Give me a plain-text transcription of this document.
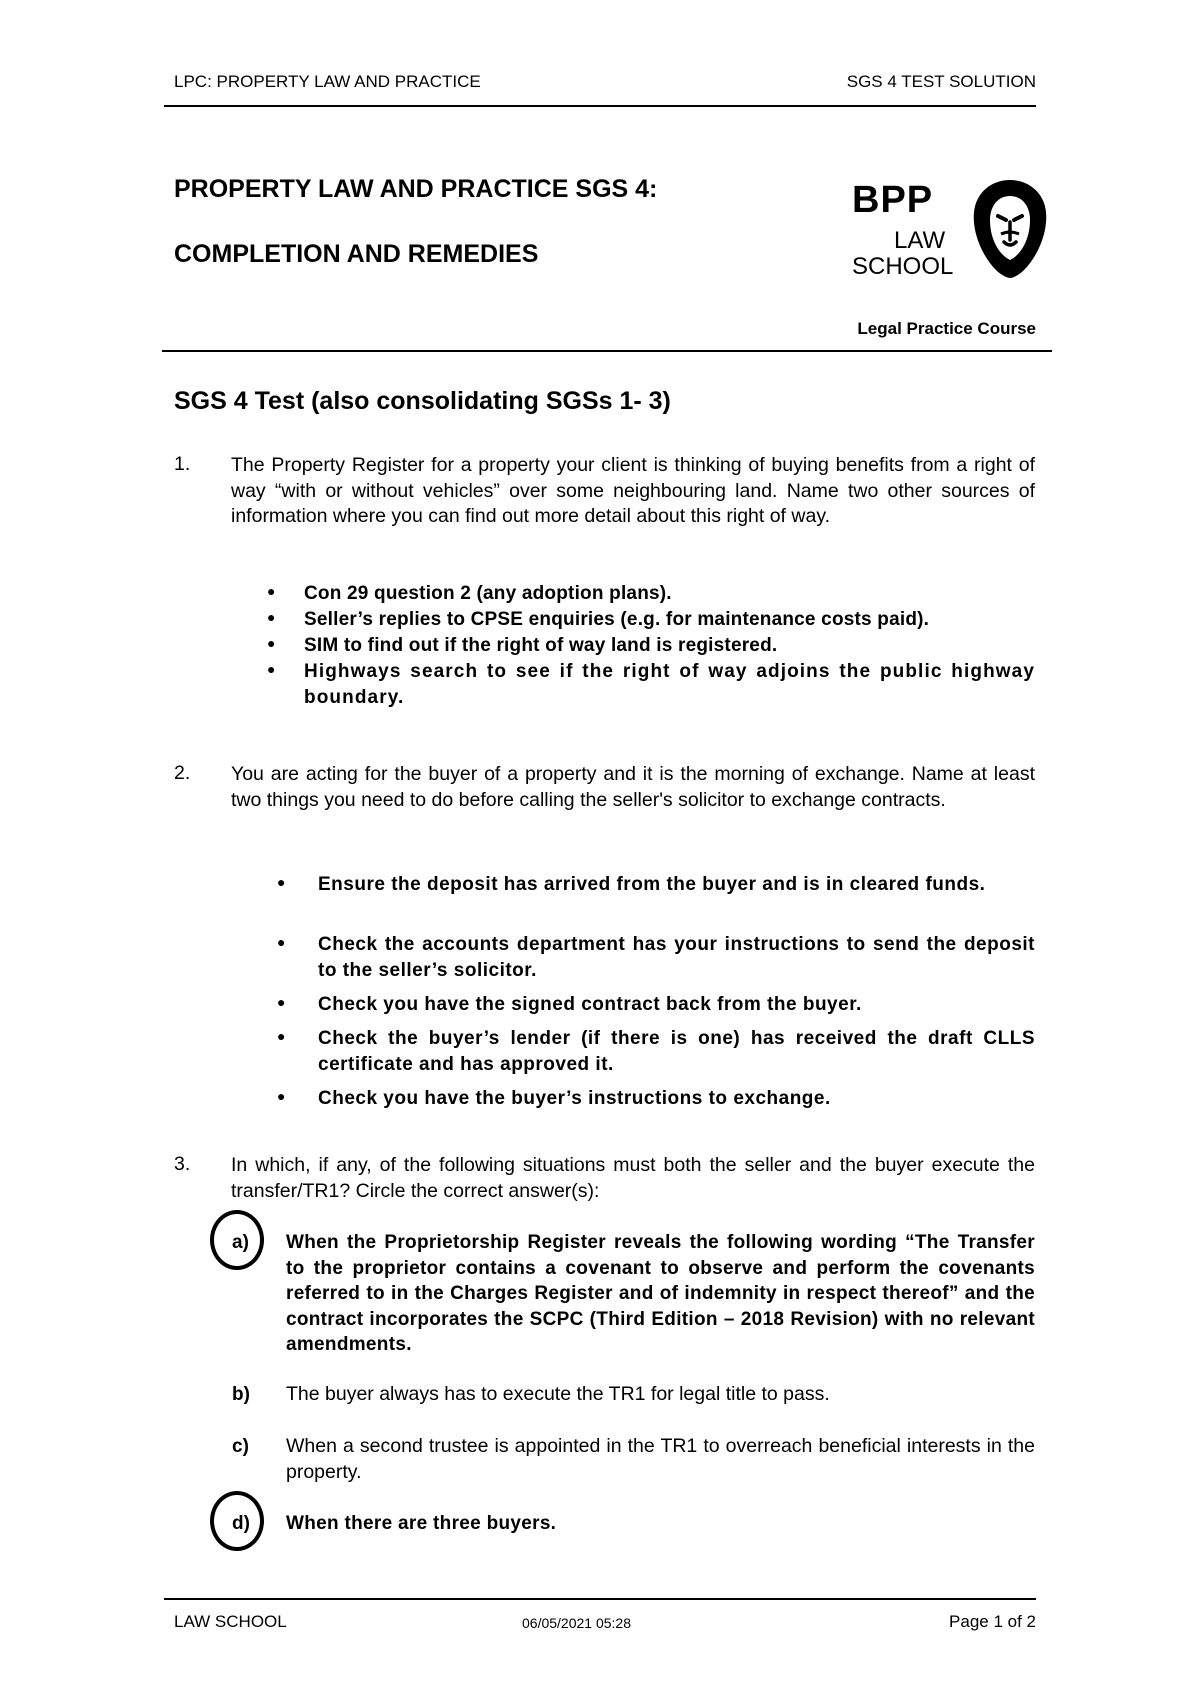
LPC: PROPERTY LAW AND PRACTICE	SGS 4 TEST SOLUTION
PROPERTY LAW AND PRACTICE SGS 4:
COMPLETION AND REMEDIES
BPP
LAW
SCHOOL
Legal Practice Course
SGS 4 Test (also consolidating SGSs 1- 3)
1. The Property Register for a property your client is thinking of buying benefits from a right of way “with or without vehicles” over some neighbouring land. Name two other sources of information where you can find out more detail about this right of way.
● Con 29 question 2 (any adoption plans).
● Seller’s replies to CPSE enquiries (e.g. for maintenance costs paid).
● SIM to find out if the right of way land is registered.
● Highways search to see if the right of way adjoins the public highway boundary.
2. You are acting for the buyer of a property and it is the morning of exchange. Name at least two things you need to do before calling the seller's solicitor to exchange contracts.
● Ensure the deposit has arrived from the buyer and is in cleared funds.
● Check the accounts department has your instructions to send the deposit to the seller’s solicitor.
● Check you have the signed contract back from the buyer.
● Check the buyer’s lender (if there is one) has received the draft CLLS certificate and has approved it.
● Check you have the buyer’s instructions to exchange.
3. In which, if any, of the following situations must both the seller and the buyer execute the transfer/TR1? Circle the correct answer(s):
a) When the Proprietorship Register reveals the following wording “The Transfer to the proprietor contains a covenant to observe and perform the covenants referred to in the Charges Register and of indemnity in respect thereof” and the contract incorporates the SCPC (Third Edition – 2018 Revision) with no relevant amendments.
b) The buyer always has to execute the TR1 for legal title to pass.
c) When a second trustee is appointed in the TR1 to overreach beneficial interests in the property.
d) When there are three buyers.
LAW SCHOOL	06/05/2021 05:28	Page 1 of 2
